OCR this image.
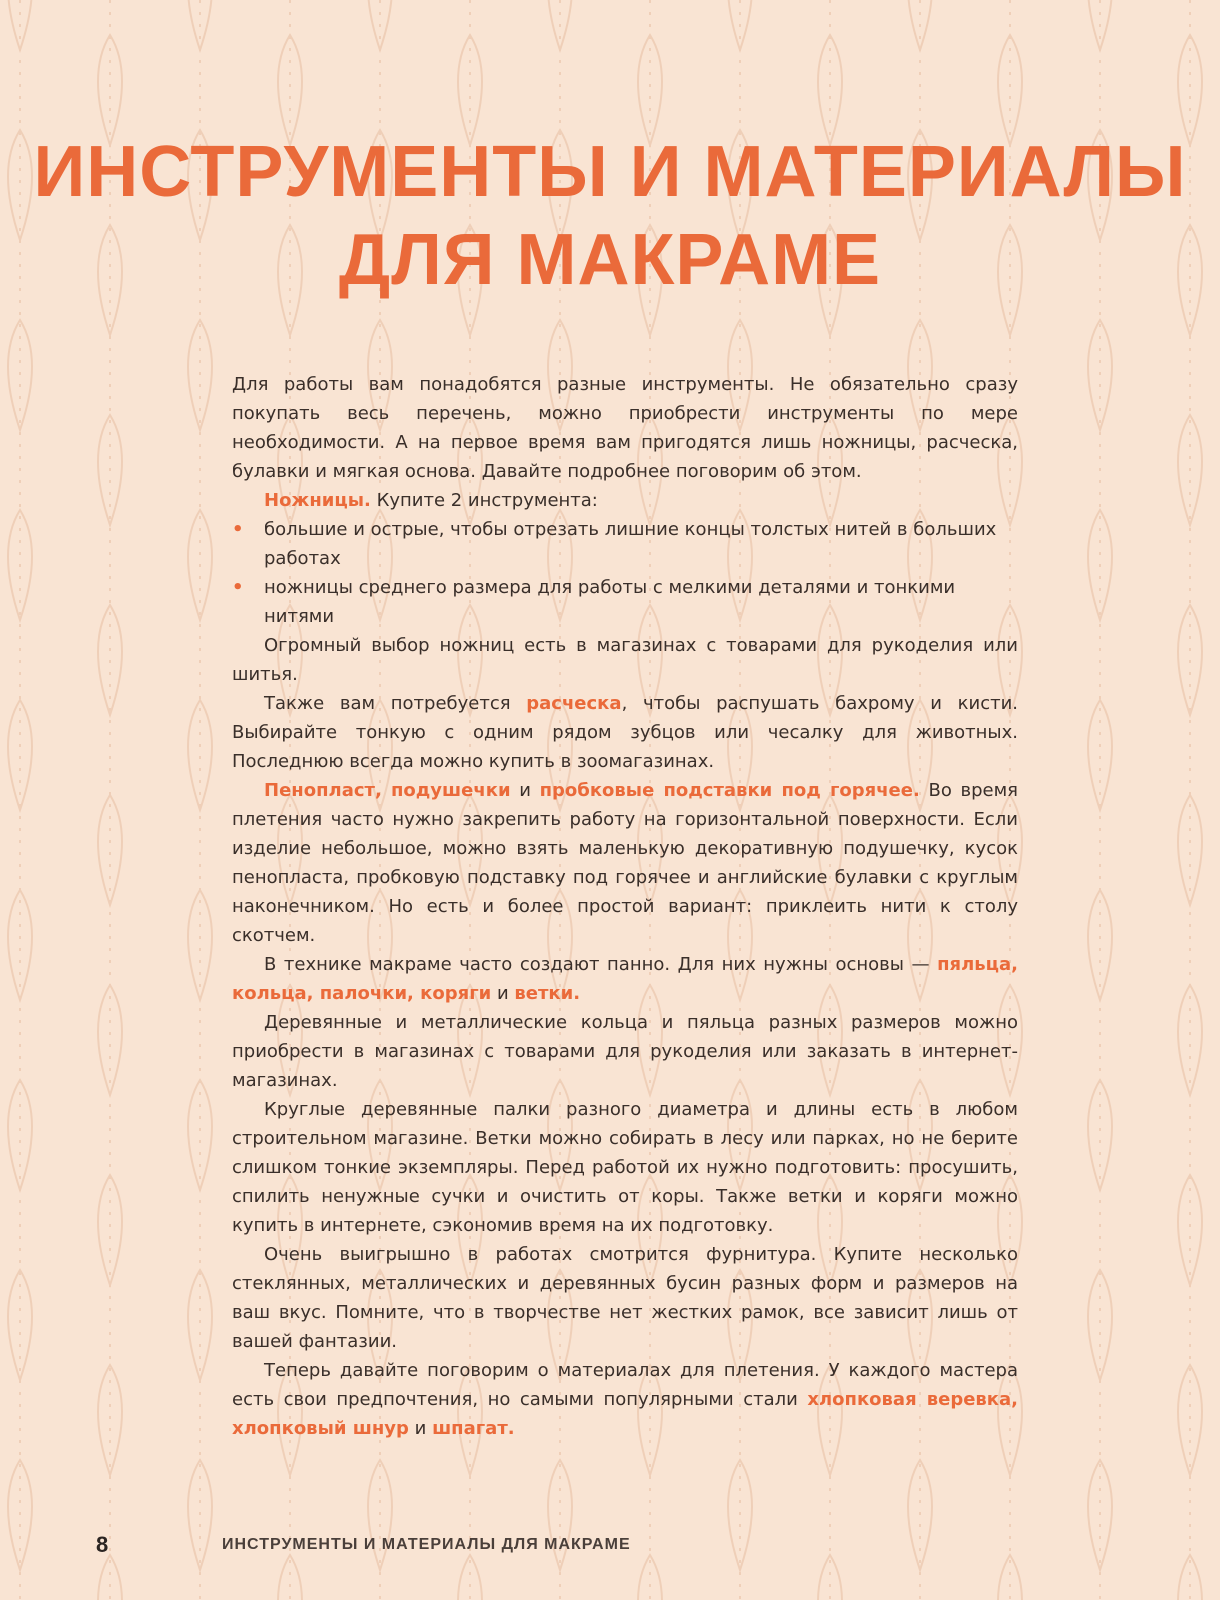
ИНСТРУМЕНТЫ И МАТЕРИАЛЫ
ДЛЯ МАКРАМЕ

Для работы вам понадобятся разные инструменты. Не обязательно сразу покупать весь перечень, можно приобрести инструменты по мере необходимости. А на первое время вам пригодятся лишь ножницы, расческа, булавки и мягкая основа. Давайте подробнее поговорим об этом.

Ножницы. Купите 2 инструмента:

• большие и острые, чтобы отрезать лишние концы толстых нитей в больших работах
• ножницы среднего размера для работы с мелкими деталями и тонкими нитями

Огромный выбор ножниц есть в магазинах с товарами для рукоделия или шитья.

Также вам потребуется расческа, чтобы распушать бахрому и кисти. Выбирайте тонкую с одним рядом зубцов или чесалку для животных. Последнюю всегда можно купить в зоомагазинах.

Пенопласт, подушечки и пробковые подставки под горячее. Во время плетения часто нужно закрепить работу на горизонтальной поверхности. Если изделие небольшое, можно взять маленькую декоративную подушечку, кусок пенопласта, пробковую подставку под горячее и английские булавки с круглым наконечником. Но есть и более простой вариант: приклеить нити к столу скотчем.

В технике макраме часто создают панно. Для них нужны основы — пяльца, кольца, палочки, коряги и ветки.

Деревянные и металлические кольца и пяльца разных размеров можно приобрести в магазинах с товарами для рукоделия или заказать в интернет-магазинах.

Круглые деревянные палки разного диаметра и длины есть в любом строительном магазине. Ветки можно собирать в лесу или парках, но не берите слишком тонкие экземпляры. Перед работой их нужно подготовить: просушить, спилить ненужные сучки и очистить от коры. Также ветки и коряги можно купить в интернете, сэкономив время на их подготовку.

Очень выигрышно в работах смотрится фурнитура. Купите несколько стеклянных, металлических и деревянных бусин разных форм и размеров на ваш вкус. Помните, что в творчестве нет жестких рамок, все зависит лишь от вашей фантазии.

Теперь давайте поговорим о материалах для плетения. У каждого мастера есть свои предпочтения, но самыми популярными стали хлопковая веревка, хлопковый шнур и шпагат.

8	ИНСТРУМЕНТЫ И МАТЕРИАЛЫ ДЛЯ МАКРАМЕ
